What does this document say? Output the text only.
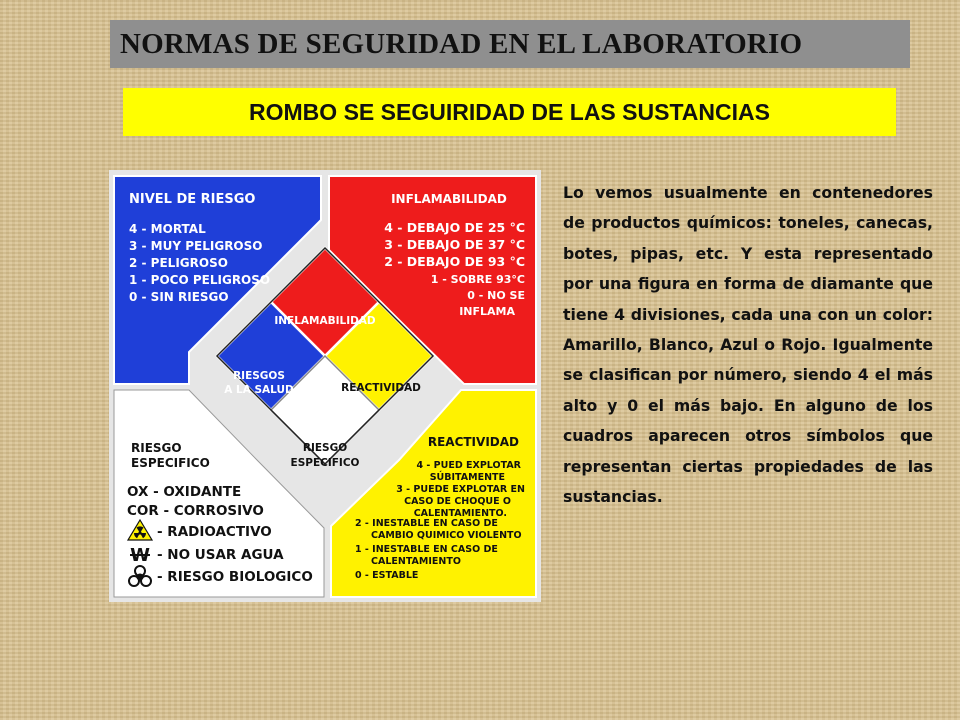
NORMAS DE SEGURIDAD EN EL LABORATORIO
ROMBO SE SEGUIRIDAD DE LAS SUSTANCIAS
INFLAMABILIDAD
RIESGOS
A LA SALUD	REACTIVIDAD
RIESGO
ESPECIFICO
NIVEL DE RIESGO
4 - MORTAL
3 - MUY PELIGROSO
2 - PELIGROSO
1 - POCO PELIGROSO
0 - SIN RIESGO
INFLAMABILIDAD
4 - DEBAJO DE 25 °C
3 - DEBAJO DE 37 °C
2 - DEBAJO DE 93 °C
1 - SOBRE 93°C
0 - NO SE
INFLAMA
RIESGO
ESPECIFICO
OX - OXIDANTE
COR - CORROSIVO
- RADIOACTIVO
W - NO USAR AGUA
- RIESGO BIOLOGICO
REACTIVIDAD
4 - PUED EXPLOTAR
SÚBITAMENTE
3 - PUEDE EXPLOTAR EN
CASO DE CHOQUE O
CALENTAMIENTO.
2 - INESTABLE EN CASO DE
CAMBIO QUIMICO VIOLENTO
1 - INESTABLE EN CASO DE
CALENTAMIENTO
0 - ESTABLE

Lo vemos usualmente en contenedores de productos químicos: toneles, canecas, botes, pipas, etc. Y esta representado por una figura en forma de diamante que tiene 4 divisiones, cada una con un color: Amarillo, Blanco, Azul o Rojo. Igualmente se clasifican por número, siendo 4 el más alto y 0 el más bajo. En alguno de los cuadros aparecen otros símbolos que representan ciertas propiedades de las sustancias.
